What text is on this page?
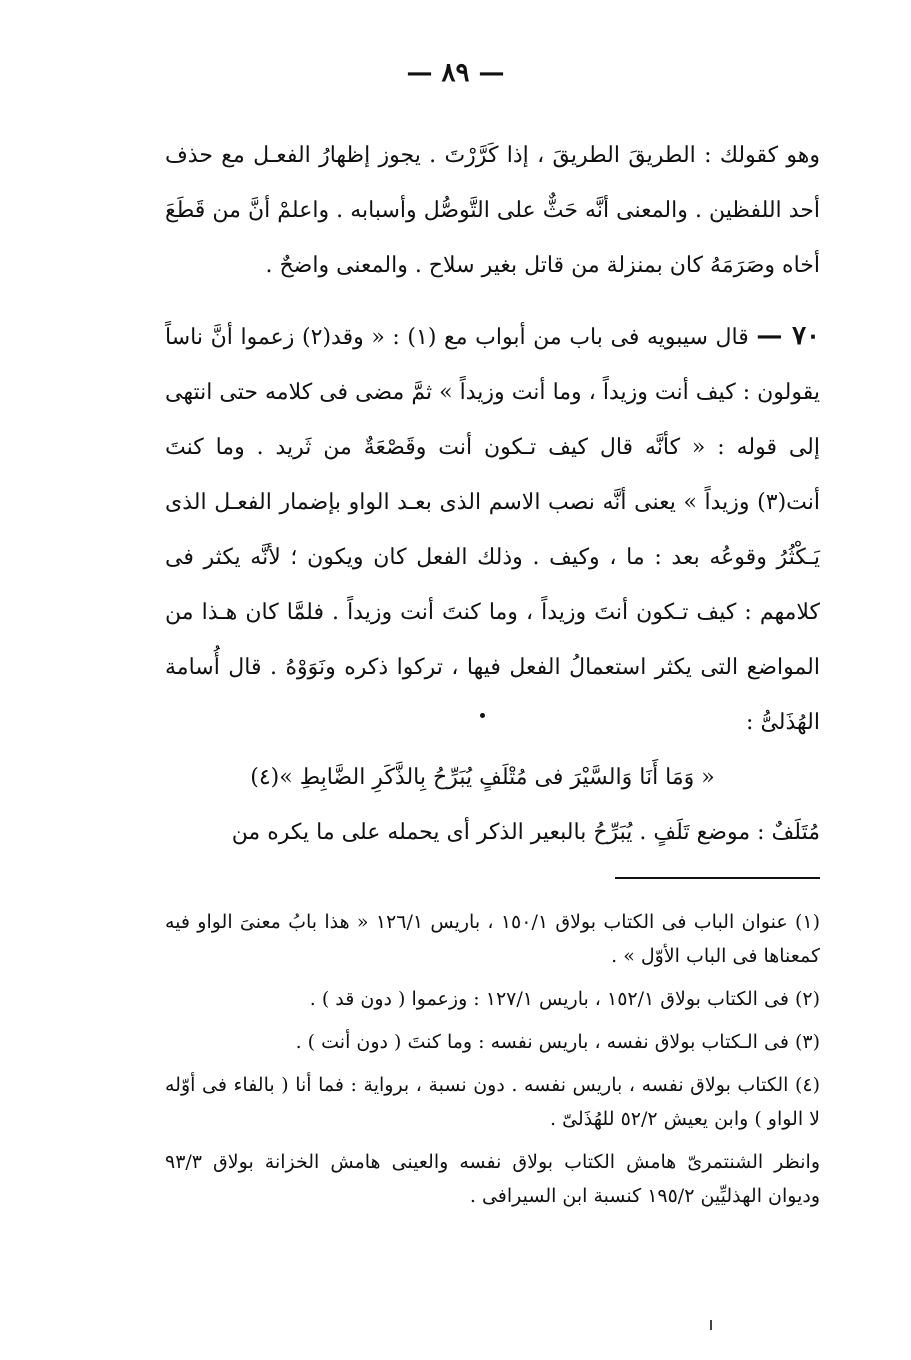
— ٨٩ —

وهو كقولك : الطريقَ الطريقَ ، إذا كَرَّرْتَ . يجوز إظهارُ الفعـل مع حذف أحد اللفظين . والمعنى أنَّه حَثٌّ على التَّوصُّل وأسبابه . واعلمْ أنَّ من قَطَعَ أخاه وصَرَمَهُ كان بمنزلة من قاتل بغير سلاح . والمعنى واضحٌ .

٧٠ — قال سيبويه فى باب من أبواب مع (١) : « وقد(٢) زعموا أنَّ ناساً يقولون : كيف أنت وزيداً ، وما أنت وزيداً » ثمَّ مضى فى كلامه حتى انتهى إلى قوله : « كأنَّه قال كيف تـكون أنت وقَصْعَةٌ من ثَريد . وما كنتَ أنت(٣) وزيداً » يعنى أنَّه نصب الاسم الذى بعـد الواو بإضمار الفعـل الذى يَـكْثُرُ وقوعُه بعد : ما ، وكيف . وذلك الفعل كان ويكون ؛ لأنَّه يكثر فى كلامهم : كيف تـكون أنتَ وزيداً ، وما كنتَ أنت وزيداً . فلمَّا كان هـذا من المواضع التى يكثر استعمالُ الفعل فيها ، تركوا ذكره ونَوَوْهُ . قال أُسامة الهُذَلىُّ :

« وَمَا أَنَا وَالسَّيْرَ فى مُتْلَفٍ يُبَرِّحُ بِالذَّكَرِ الضَّابِطِ »(٤)

مُتَلَفٌ : موضع تَلَفٍ . يُبَرِّحُ بالبعير الذكر أى يحمله على ما يكره من

(١) عنوان الباب فى الكتاب بولاق ١٥٠/١ ، باريس ١٢٦/١ « هذا بابُ معنىَ الواو فيه كمعناها فى الباب الأوّل » .

(٢) فى الكتاب بولاق ١٥٢/١ ، باريس ١٢٧/١ : وزعموا ( دون قد ) .

(٣) فى الـكتاب بولاق نفسه ، باريس نفسه : وما كنتَ ( دون أنت ) .

(٤) الكتاب بولاق نفسه ، باريس نفسه . دون نسبة ، برواية : فما أنا ( بالفاء فى أوّله لا الواو ) وابن يعيش ٥٢/٢ للهُذَلىّ .

وانظر الشنتمرىّ هامش الكتاب بولاق نفسه والعينى هامش الخزانة بولاق ٩٣/٣ وديوان الهذليِّين ١٩٥/٢ كنسبة ابن السيرافى .
